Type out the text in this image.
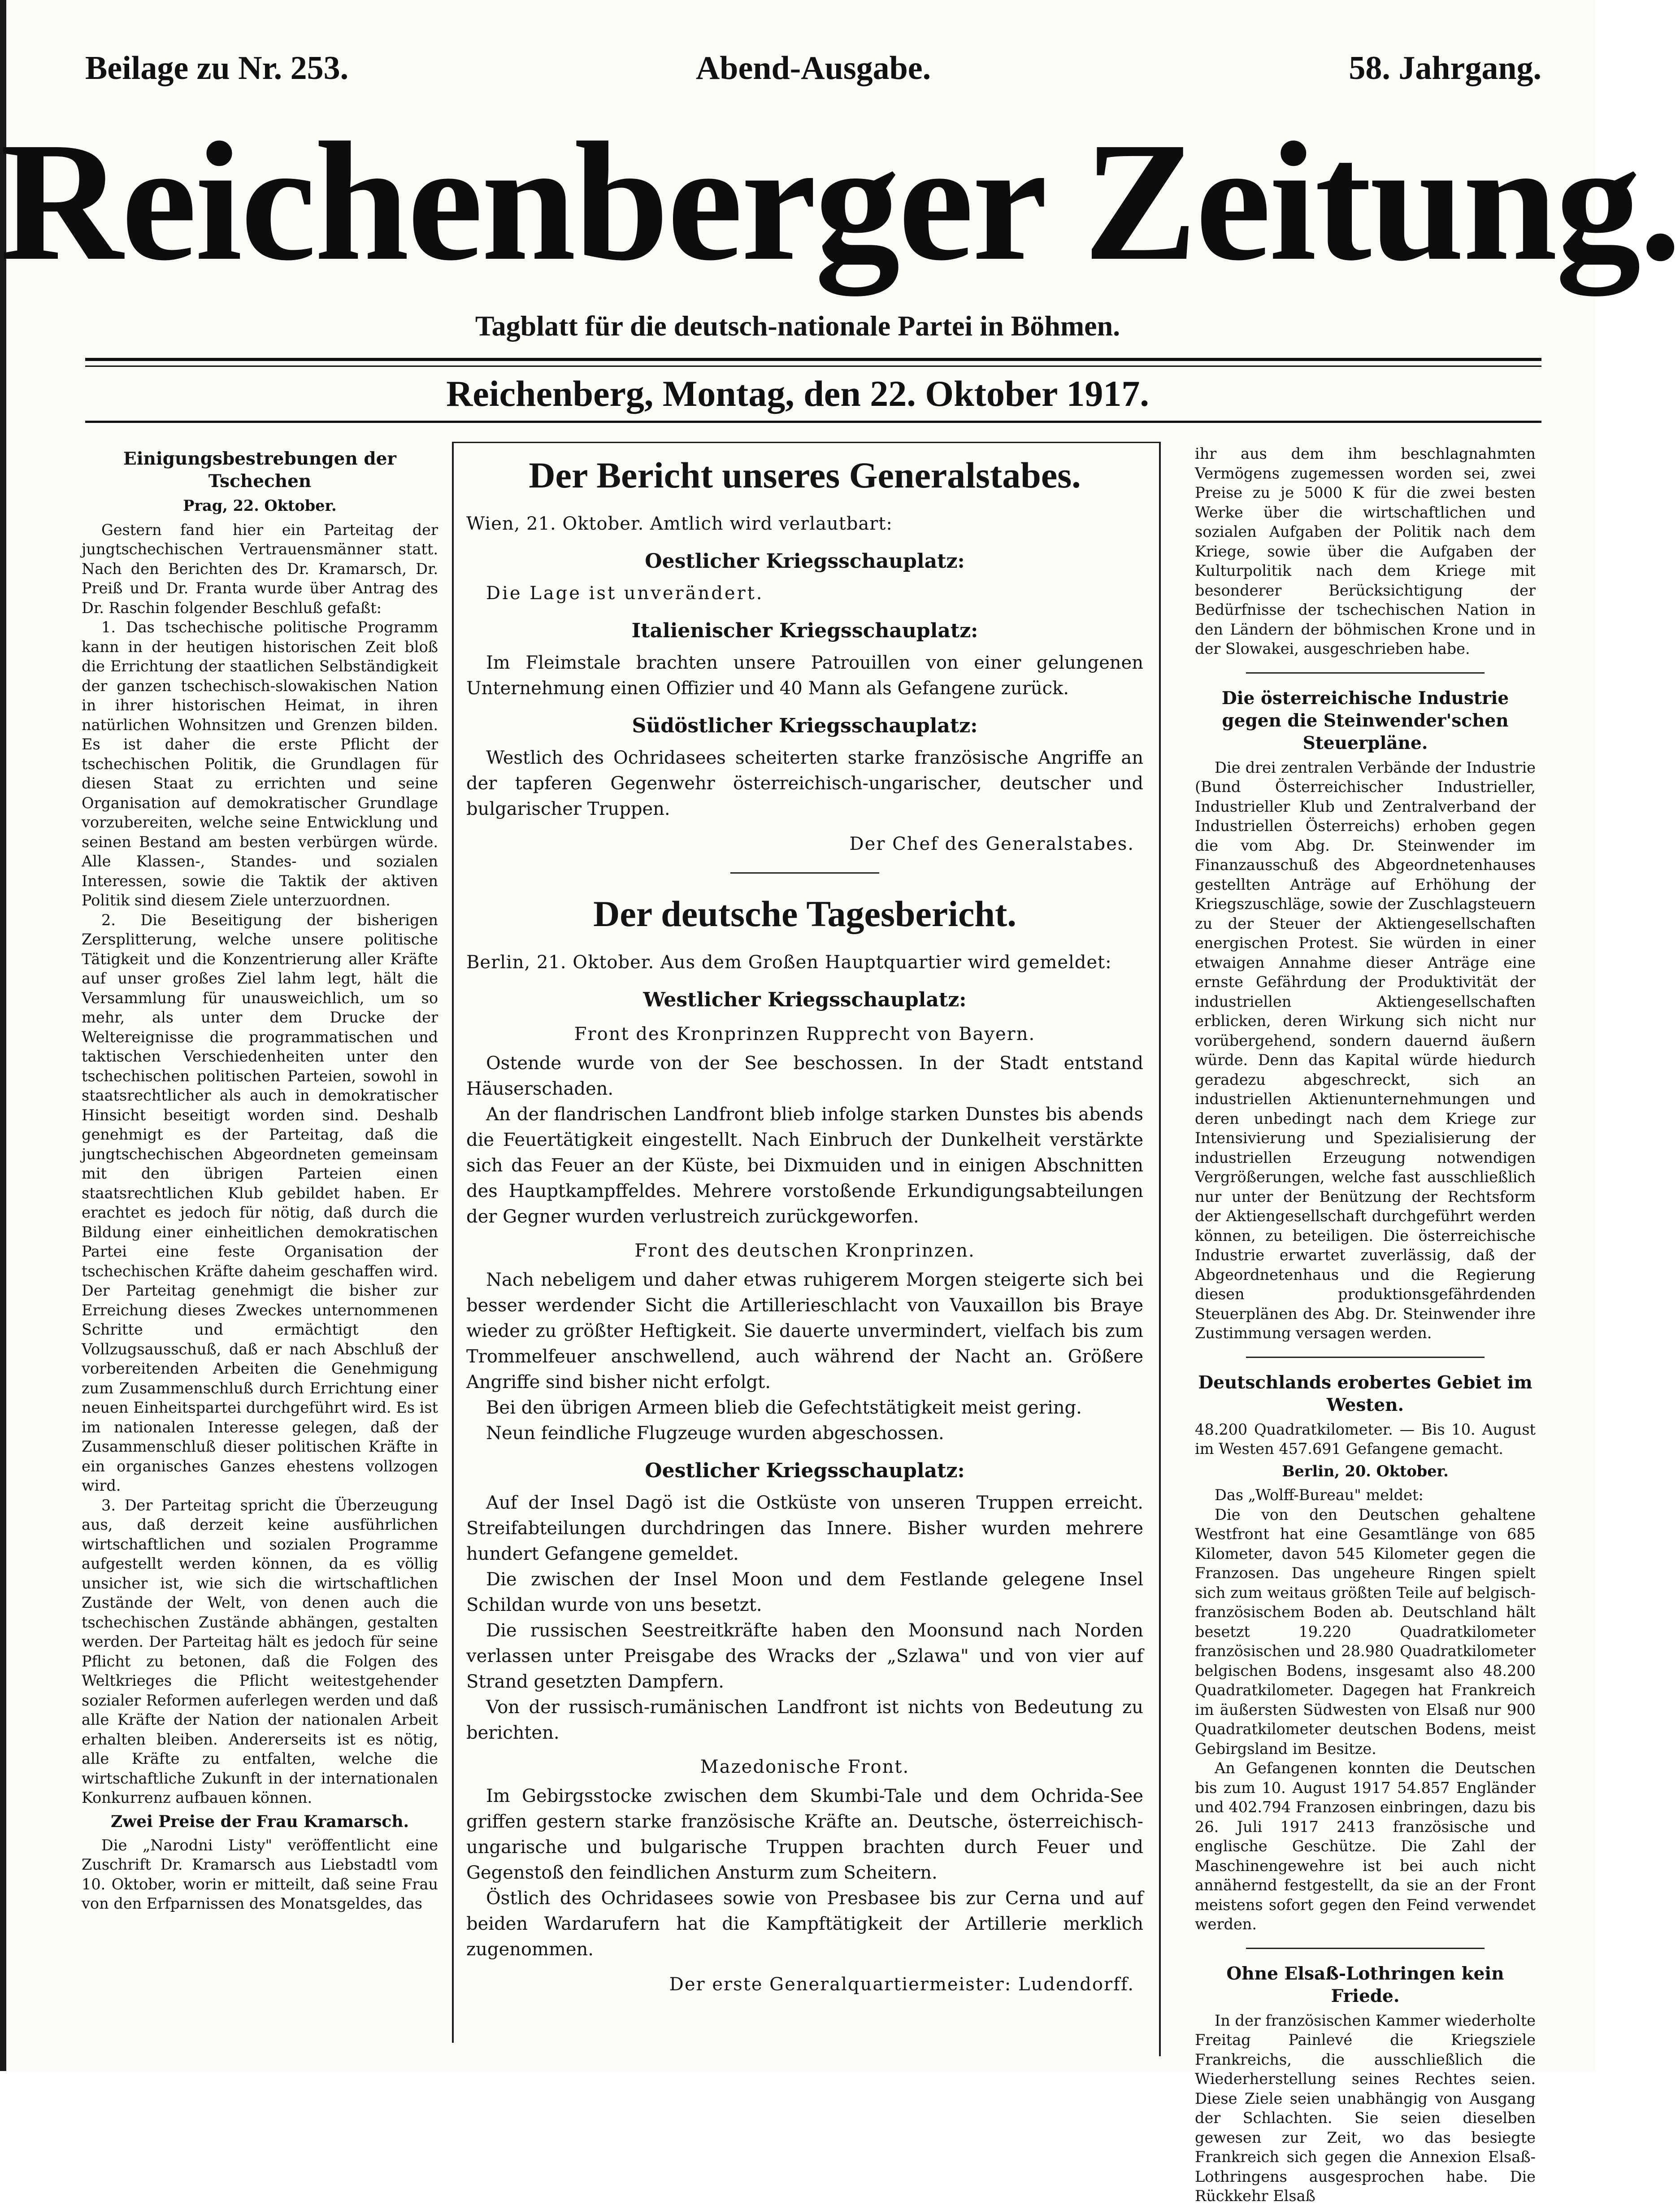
Beilage zu Nr. 253.	Abend-Ausgabe.	58. Jahrgang.
Reichenberger Zeitung.
Tagblatt für die deutsch-nationale Partei in Böhmen.
Reichenberg, Montag, den 22. Oktober 1917.
Einigungsbestrebungen der Tschechen
Prag, 22. Oktober.

Gestern fand hier ein Parteitag der jungtschechischen Vertrauensmänner statt. Nach den Berichten des Dr. Kramarsch, Dr. Preiß und Dr. Franta wurde über Antrag des Dr. Raschin folgender Beschluß gefaßt:

1. Das tschechische politische Programm kann in der heutigen historischen Zeit bloß die Errichtung der staatlichen Selbständigkeit der ganzen tschechisch-slowakischen Nation in ihrer historischen Heimat, in ihren natürlichen Wohnsitzen und Grenzen bilden. Es ist daher die erste Pflicht der tschechischen Politik, die Grundlagen für diesen Staat zu errichten und seine Organisation auf demokratischer Grundlage vorzubereiten, welche seine Entwicklung und seinen Bestand am besten verbürgen würde. Alle Klassen-, Standes- und sozialen Interessen, sowie die Taktik der aktiven Politik sind diesem Ziele unterzuordnen.

2. Die Beseitigung der bisherigen Zersplitterung, welche unsere politische Tätigkeit und die Konzentrierung aller Kräfte auf unser großes Ziel lahm legt, hält die Versammlung für unausweichlich, um so mehr, als unter dem Drucke der Weltereignisse die programmatischen und taktischen Verschiedenheiten unter den tschechischen politischen Parteien, sowohl in staatsrechtlicher als auch in demokratischer Hinsicht beseitigt worden sind. Deshalb genehmigt es der Parteitag, daß die jungtschechischen Abgeordneten gemeinsam mit den übrigen Parteien einen staatsrechtlichen Klub gebildet haben. Er erachtet es jedoch für nötig, daß durch die Bildung einer einheitlichen demokratischen Partei eine feste Organisation der tschechischen Kräfte daheim geschaffen wird. Der Parteitag genehmigt die bisher zur Erreichung dieses Zweckes unternommenen Schritte und ermächtigt den Vollzugsausschuß, daß er nach Abschluß der vorbereitenden Arbeiten die Genehmigung zum Zusammenschluß durch Errichtung einer neuen Einheitspartei durchgeführt wird. Es ist im nationalen Interesse gelegen, daß der Zusammenschluß dieser politischen Kräfte in ein organisches Ganzes ehestens vollzogen wird.

3. Der Parteitag spricht die Überzeugung aus, daß derzeit keine ausführlichen wirtschaftlichen und sozialen Programme aufgestellt werden können, da es völlig unsicher ist, wie sich die wirtschaftlichen Zustände der Welt, von denen auch die tschechischen Zustände abhängen, gestalten werden. Der Parteitag hält es jedoch für seine Pflicht zu betonen, daß die Folgen des Weltkrieges die Pflicht weitestgehender sozialer Reformen auferlegen werden und daß alle Kräfte der Nation der nationalen Arbeit erhalten bleiben. Andererseits ist es nötig, alle Kräfte zu entfalten, welche die wirtschaftliche Zukunft in der internationalen Konkurrenz aufbauen können.

Zwei Preise der Frau Kramarsch.

Die „Narodni Listy" veröffentlicht eine Zuschrift Dr. Kramarsch aus Liebstadtl vom 10. Oktober, worin er mitteilt, daß seine Frau von den Erfparnissen des Monatsgeldes, das

Der Bericht unseres Generalstabes.

Wien, 21. Oktober. Amtlich wird verlautbart:

Oestlicher Kriegsschauplatz:

Die Lage ist unverändert.

Italienischer Kriegsschauplatz:

Im Fleimstale brachten unsere Patrouillen von einer gelungenen Unternehmung einen Offizier und 40 Mann als Gefangene zurück.

Südöstlicher Kriegsschauplatz:

Westlich des Ochridasees scheiterten starke französische Angriffe an der tapferen Gegenwehr österreichisch-ungarischer, deutscher und bulgarischer Truppen.

Der Chef des Generalstabes.
Der deutsche Tagesbericht.

Berlin, 21. Oktober. Aus dem Großen Hauptquartier wird gemeldet:

Westlicher Kriegsschauplatz:
Front des Kronprinzen Rupprecht von Bayern.

Ostende wurde von der See beschossen. In der Stadt entstand Häuserschaden.

An der flandrischen Landfront blieb infolge starken Dunstes bis abends die Feuertätigkeit eingestellt. Nach Einbruch der Dunkelheit verstärkte sich das Feuer an der Küste, bei Dixmuiden und in einigen Abschnitten des Hauptkampffeldes. Mehrere vorstoßende Erkundigungsabteilungen der Gegner wurden verlustreich zurückgeworfen.

Front des deutschen Kronprinzen.

Nach nebeligem und daher etwas ruhigerem Morgen steigerte sich bei besser werdender Sicht die Artillerieschlacht von Vauxaillon bis Braye wieder zu größter Heftigkeit. Sie dauerte unvermindert, vielfach bis zum Trommelfeuer anschwellend, auch während der Nacht an. Größere Angriffe sind bisher nicht erfolgt.

Bei den übrigen Armeen blieb die Gefechtstätigkeit meist gering.

Neun feindliche Flugzeuge wurden abgeschossen.

Oestlicher Kriegsschauplatz:

Auf der Insel Dagö ist die Ostküste von unseren Truppen erreicht. Streifabteilungen durchdringen das Innere. Bisher wurden mehrere hundert Gefangene gemeldet.

Die zwischen der Insel Moon und dem Festlande gelegene Insel Schildan wurde von uns besetzt.

Die russischen Seestreitkräfte haben den Moonsund nach Norden verlassen unter Preisgabe des Wracks der „Szlawa" und von vier auf Strand gesetzten Dampfern.

Von der russisch-rumänischen Landfront ist nichts von Bedeutung zu berichten.

Mazedonische Front.

Im Gebirgsstocke zwischen dem Skumbi-Tale und dem Ochrida-See griffen gestern starke französische Kräfte an. Deutsche, österreichisch-ungarische und bulgarische Truppen brachten durch Feuer und Gegenstoß den feindlichen Ansturm zum Scheitern.

Östlich des Ochridasees sowie von Presbasee bis zur Cerna und auf beiden Wardarufern hat die Kampftätigkeit der Artillerie merklich zugenommen.

Der erste Generalquartiermeister: Ludendorff.

ihr aus dem ihm beschlagnahmten Vermögens zugemessen worden sei, zwei Preise zu je 5000 K für die zwei besten Werke über die wirtschaftlichen und sozialen Aufgaben der Politik nach dem Kriege, sowie über die Aufgaben der Kulturpolitik nach dem Kriege mit besonderer Berücksichtigung der Bedürfnisse der tschechischen Nation in den Ländern der böhmischen Krone und in der Slowakei, ausgeschrieben habe.

Die österreichische Industrie gegen die Steinwender'schen Steuerpläne.

Die drei zentralen Verbände der Industrie (Bund Österreichischer Industrieller, Industrieller Klub und Zentralverband der Industriellen Österreichs) erhoben gegen die vom Abg. Dr. Steinwender im Finanzausschuß des Abgeordnetenhauses gestellten Anträge auf Erhöhung der Kriegszuschläge, sowie der Zuschlagsteuern zu der Steuer der Aktiengesellschaften energischen Protest. Sie würden in einer etwaigen Annahme dieser Anträge eine ernste Gefährdung der Produktivität der industriellen Aktiengesellschaften erblicken, deren Wirkung sich nicht nur vorübergehend, sondern dauernd äußern würde. Denn das Kapital würde hiedurch geradezu abgeschreckt, sich an industriellen Aktienunternehmungen und deren unbedingt nach dem Kriege zur Intensivierung und Spezialisierung der industriellen Erzeugung notwendigen Vergrößerungen, welche fast ausschließlich nur unter der Benützung der Rechtsform der Aktiengesellschaft durchgeführt werden können, zu beteiligen. Die österreichische Industrie erwartet zuverlässig, daß der Abgeordnetenhaus und die Regierung diesen produktionsgefährdenden Steuerplänen des Abg. Dr. Steinwender ihre Zustimmung versagen werden.

Deutschlands erobertes Gebiet im Westen.

48.200 Quadratkilometer. — Bis 10. August im Westen 457.691 Gefangene gemacht.

Berlin, 20. Oktober.

Das „Wolff-Bureau" meldet:

Die von den Deutschen gehaltene Westfront hat eine Gesamtlänge von 685 Kilometer, davon 545 Kilometer gegen die Franzosen. Das ungeheure Ringen spielt sich zum weitaus größten Teile auf belgisch-französischem Boden ab. Deutschland hält besetzt 19.220 Quadratkilometer französischen und 28.980 Quadratkilometer belgischen Bodens, insgesamt also 48.200 Quadratkilometer. Dagegen hat Frankreich im äußersten Südwesten von Elsaß nur 900 Quadratkilometer deutschen Bodens, meist Gebirgsland im Besitze.

An Gefangenen konnten die Deutschen bis zum 10. August 1917 54.857 Engländer und 402.794 Franzosen einbringen, dazu bis 26. Juli 1917 2413 französische und englische Geschütze. Die Zahl der Maschinengewehre ist bei auch nicht annähernd festgestellt, da sie an der Front meistens sofort gegen den Feind verwendet werden.

Ohne Elsaß-Lothringen kein Friede.

In der französischen Kammer wiederholte Freitag Painlevé die Kriegsziele Frankreichs, die ausschließlich die Wiederherstellung seines Rechtes seien. Diese Ziele seien unabhängig von Ausgang der Schlachten. Sie seien dieselben gewesen zur Zeit, wo das besiegte Frankreich sich gegen die Annexion Elsaß-Lothringens ausgesprochen habe. Die Rückkehr Elsaß
